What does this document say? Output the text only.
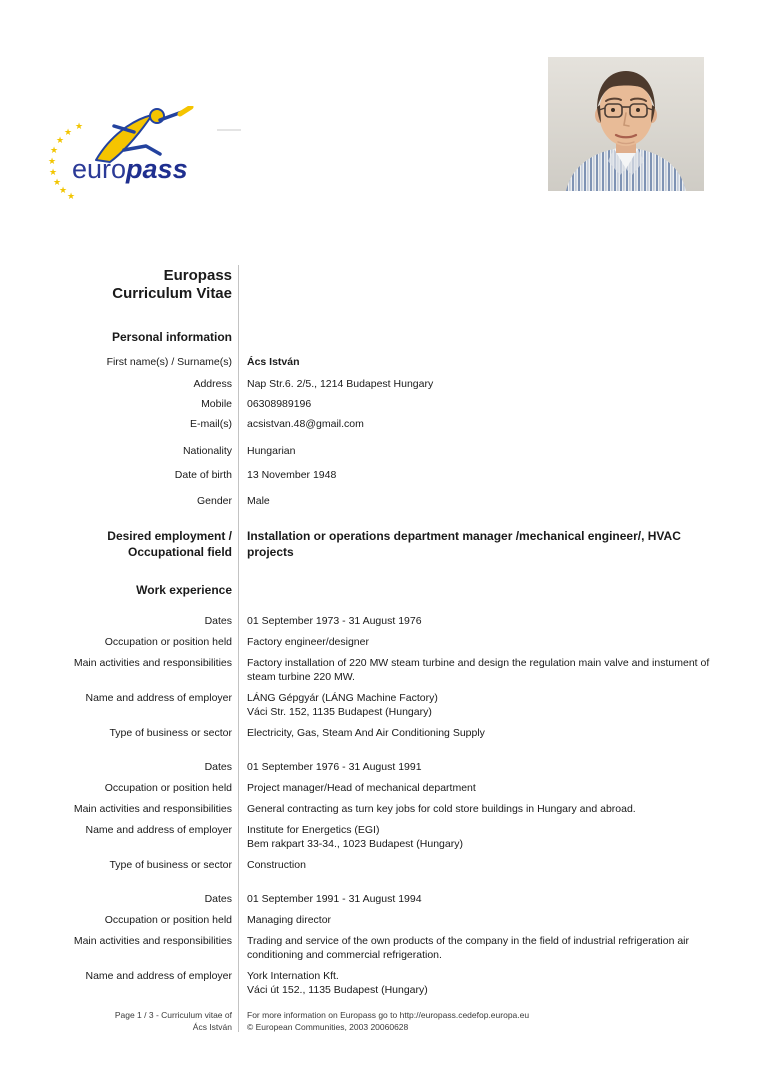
★
★
★
★
★
★
★
★
★
europass
Europass
Curriculum Vitae
Personal information
First name(s) / Surname(s)	Ács István
Address	Nap Str.6. 2/5., 1214 Budapest Hungary
Mobile	06308989196
E-mail(s)	acsistvan.48@gmail.com
Nationality	Hungarian
Date of birth	13 November 1948
Gender	Male
Desired employment /
Occupational field
Installation or operations department manager /mechanical engineer/, HVAC projects
Work experience
Dates	01 September 1973 - 31 August 1976
Occupation or position held	Factory engineer/designer
Main activities and responsibilities	Factory installation of 220 MW steam turbine and design the regulation main valve and instument of steam turbine 220 MW.
Name and address of employer	LÁNG Gépgyár (LÁNG Machine Factory)
Váci Str. 152, 1135 Budapest (Hungary)
Type of business or sector	Electricity, Gas, Steam And Air Conditioning Supply
Dates	01 September 1976 - 31 August 1991
Occupation or position held	Project manager/Head of mechanical department
Main activities and responsibilities	General contracting as turn key jobs for cold store buildings in Hungary and abroad.
Name and address of employer	Institute for Energetics (EGI)
Bem rakpart 33-34., 1023 Budapest (Hungary)
Type of business or sector	Construction
Dates	01 September 1991 - 31 August 1994
Occupation or position held	Managing director
Main activities and responsibilities	Trading and service of the own products of the company in the field of industrial refrigeration air conditioning and commercial refrigeration.
Name and address of employer	York Internation Kft.
Váci út 152., 1135 Budapest (Hungary)
Page 1 / 3 - Curriculum vitae of
Ács István
For more information on Europass go to http://europass.cedefop.europa.eu
© European Communities, 2003 20060628
